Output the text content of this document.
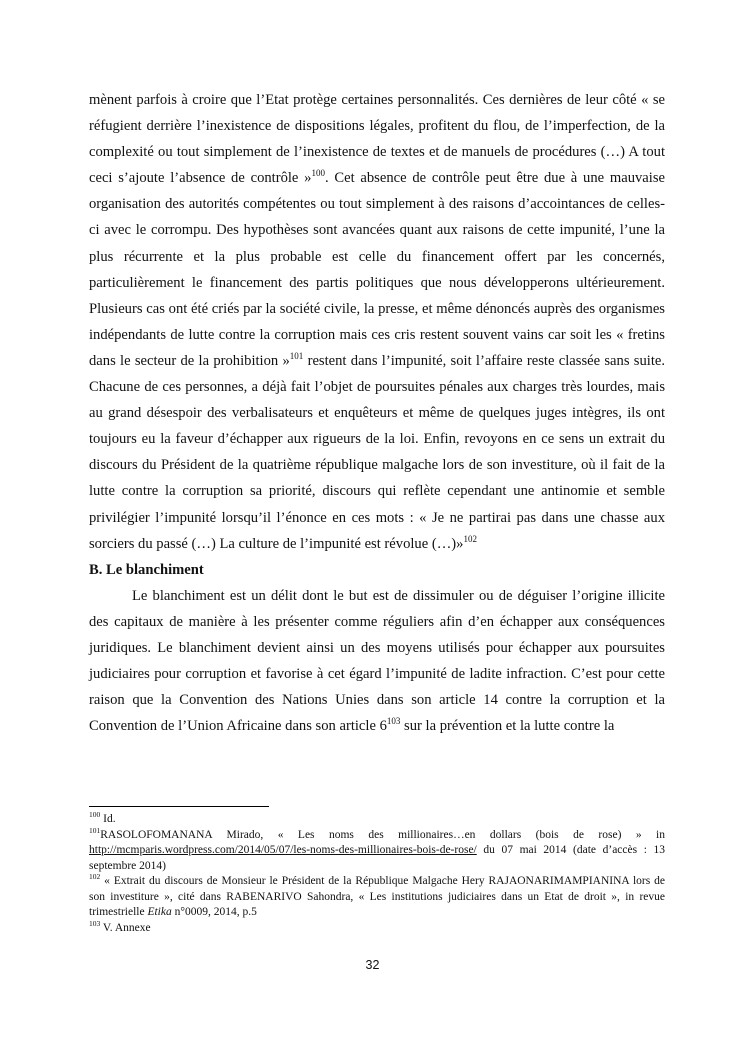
mènent parfois à croire que l’Etat protège certaines personnalités. Ces dernières de leur côté « se réfugient derrière l’inexistence de dispositions légales, profitent du flou, de l’imperfection, de la complexité ou tout simplement de l’inexistence de textes et de manuels de procédures (…) A tout ceci s’ajoute l’absence de contrôle »$^{100}$. Cet absence de contrôle peut être due à une mauvaise organisation des autorités compétentes ou tout simplement à des raisons d’accointances de celles-ci avec le corrompu. Des hypothèses sont avancées quant aux raisons de cette impunité, l’une la plus récurrente et la plus probable est celle du financement offert par les concernés, particulièrement le financement des partis politiques que nous développerons ultérieurement. Plusieurs cas ont été criés par la société civile, la presse, et même dénoncés auprès des organismes indépendants de lutte contre la corruption mais ces cris restent souvent vains car soit les « fretins dans le secteur de la prohibition »$^{101}$ restent dans l’impunité, soit l’affaire reste classée sans suite. Chacune de ces personnes, a déjà fait l’objet de poursuites pénales aux charges très lourdes, mais au grand désespoir des verbalisateurs et enquêteurs et même de quelques juges intègres, ils ont toujours eu la faveur d’échapper aux rigueurs de la loi. Enfin, revoyons en ce sens un extrait du discours du Président de la quatrième république malgache lors de son investiture, où il fait de la lutte contre la corruption sa priorité, discours qui reflète cependant une antinomie et semble privilégier l’impunité lorsqu’il l’énonce en ces mots : « Je ne partirai pas dans une chasse aux sorciers du passé (…) La culture de l’impunité est révolue (…)»$^{102}$

B. Le blanchiment

Le blanchiment est un délit dont le but est de dissimuler ou de déguiser l’origine illicite des capitaux de manière à les présenter comme réguliers afin d’en échapper aux conséquences juridiques. Le blanchiment devient ainsi un des moyens utilisés pour échapper aux poursuites judiciaires pour corruption et favorise à cet égard l’impunité de ladite infraction. C’est pour cette raison que la Convention des Nations Unies dans son article 14 contre la corruption et la Convention de l’Union Africaine dans son article $6^{103}$ sur la prévention et la lutte contre la

$^{100}$ Id.

$^{101}$RASOLOFOMANANA Mirado, « Les noms des millionaires…en dollars (bois de rose) » in http://mcmparis.wordpress.com/2014/05/07/les-noms-des-millionaires-bois-de-rose/ du 07 mai 2014 (date d’accès : 13 septembre 2014)

$^{102}$ « Extrait du discours de Monsieur le Président de la République Malgache Hery RAJAONARIMAMPIANINA lors de son investiture », cité dans RABENARIVO Sahondra, « Les institutions judiciaires dans un Etat de droit », in revue trimestrielle Etika n°0009, 2014, p.5

$^{103}$ V. Annexe

32
